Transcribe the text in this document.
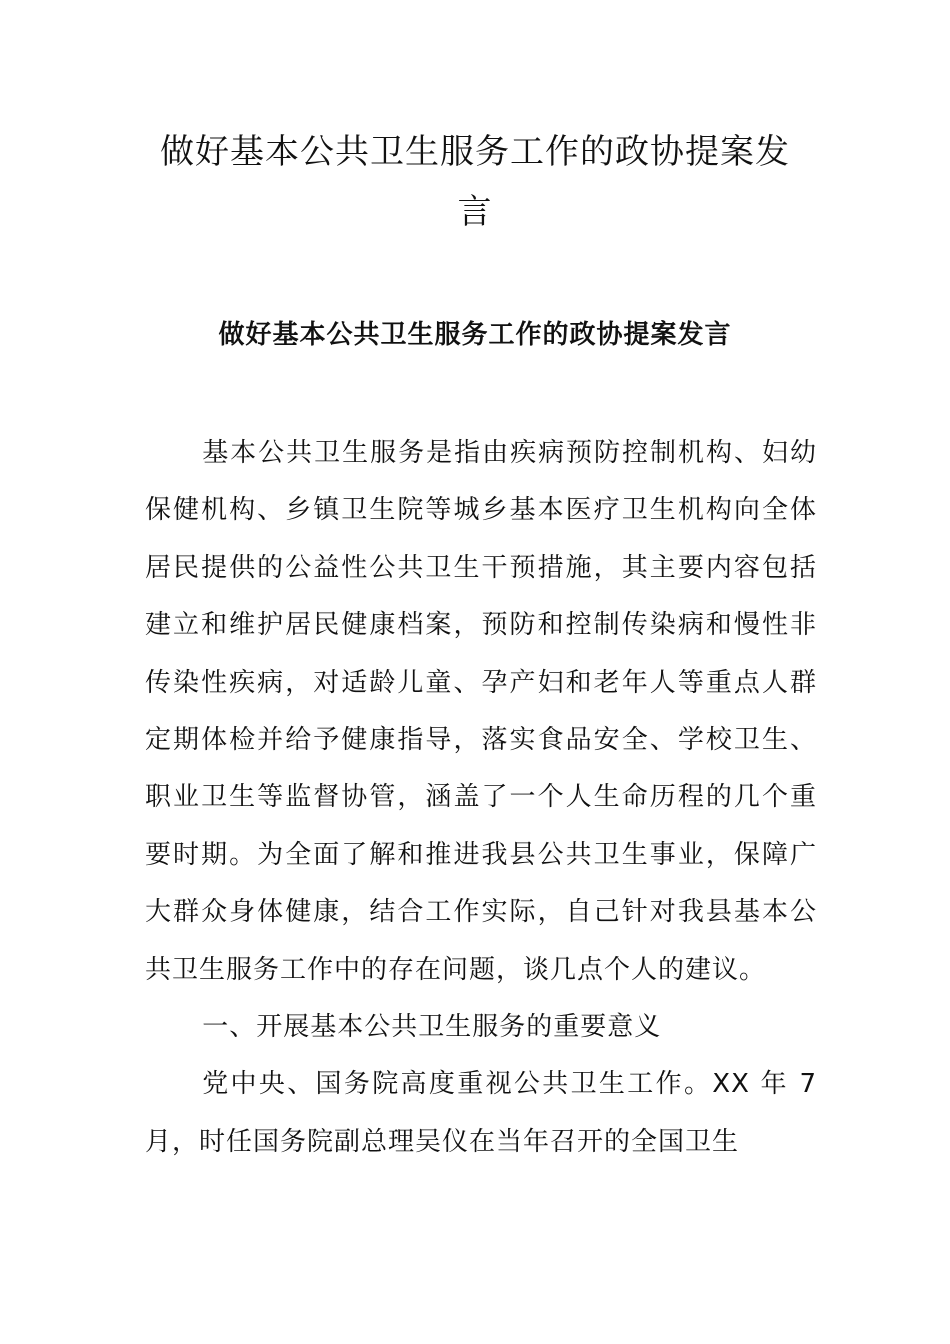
做好基本公共卫生服务工作的政协提案发言
做好基本公共卫生服务工作的政协提案发言

基本公共卫生服务是指由疾病预防控制机构、妇幼保健机构、乡镇卫生院等城乡基本医疗卫生机构向全体居民提供的公益性公共卫生干预措施，其主要内容包括建立和维护居民健康档案，预防和控制传染病和慢性非传染性疾病，对适龄儿童、孕产妇和老年人等重点人群定期体检并给予健康指导，落实食品安全、学校卫生、职业卫生等监督协管，涵盖了一个人生命历程的几个重要时期。为全面了解和推进我县公共卫生事业，保障广大群众身体健康，结合工作实际，自己针对我县基本公共卫生服务工作中的存在问题，谈几点个人的建议。

一、开展基本公共卫生服务的重要意义

党中央、国务院高度重视公共卫生工作。XX 年 7 月，时任国务院副总理吴仪在当年召开的全国卫生
